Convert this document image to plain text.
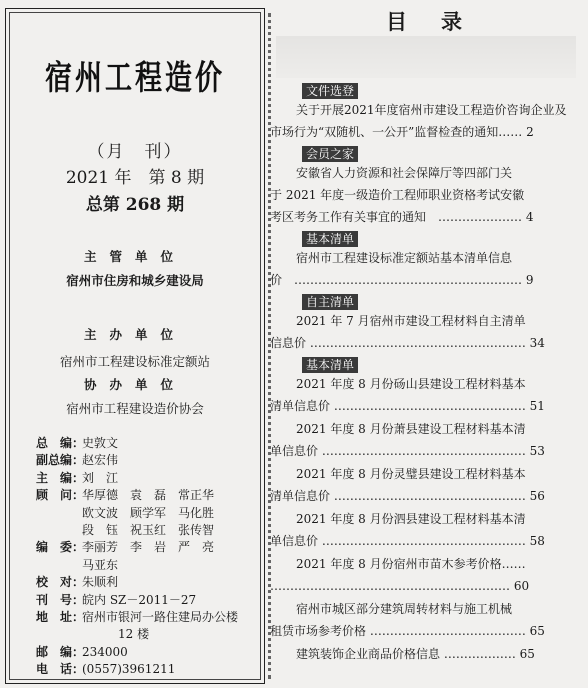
宿州工程造价
（月　刊）
2021 年　第 8 期
总第 268 期
主管单位
宿州市住房和城乡建设局
主办单位
宿州市工程建设标准定额站
协办单位
宿州市工程建设造价协会
总　编：
史敦文
副总编：
赵宏伟
主　编：
刘　江
顾　问：
华厚德　袁　磊　常正华
欧文波　顾学军　马化胜
段　钰　祝玉红　张传智
编　委：
李丽芳　李　岩　严　亮
马亚东
校　对：
朱顺利
刊　号：
皖内 SZ－2011－27
地　址：
宿州市银河一路住建局办公楼
　　　12 楼
邮　编：
234000
电　话：
(0557)3961211
目录
文件选登
关于开展2021年度宿州市建设工程造价咨询企业及
市场行为“双随机、一公开”监督检查的通知…… 2
会员之家
安徽省人力资源和社会保障厅等四部门关
于 2021 年度一级造价工程师职业资格考试安徽
考区考务工作有关事宜的通知　………………… 4
基本清单
宿州市工程建设标准定额站基本清单信息
价　………………………………………………… 9
自主清单
2021 年 7 月宿州市建设工程材料自主清单
信息价 ……………………………………………… 34
基本清单
2021 年度 8 月份砀山县建设工程材料基本
清单信息价 ………………………………………… 51
2021 年度 8 月份萧县建设工程材料基本清
单信息价 …………………………………………… 53
2021 年度 8 月份灵璧县建设工程材料基本
清单信息价 ………………………………………… 56
2021 年度 8 月份泗县建设工程材料基本清
单信息价 …………………………………………… 58
2021 年度 8 月份宿州市苗木参考价格……
…………………………………………………… 60
宿州市城区部分建筑周转材料与施工机械
租赁市场参考价格 ………………………………… 65
建筑装饰企业商品价格信息 ……………… 65
